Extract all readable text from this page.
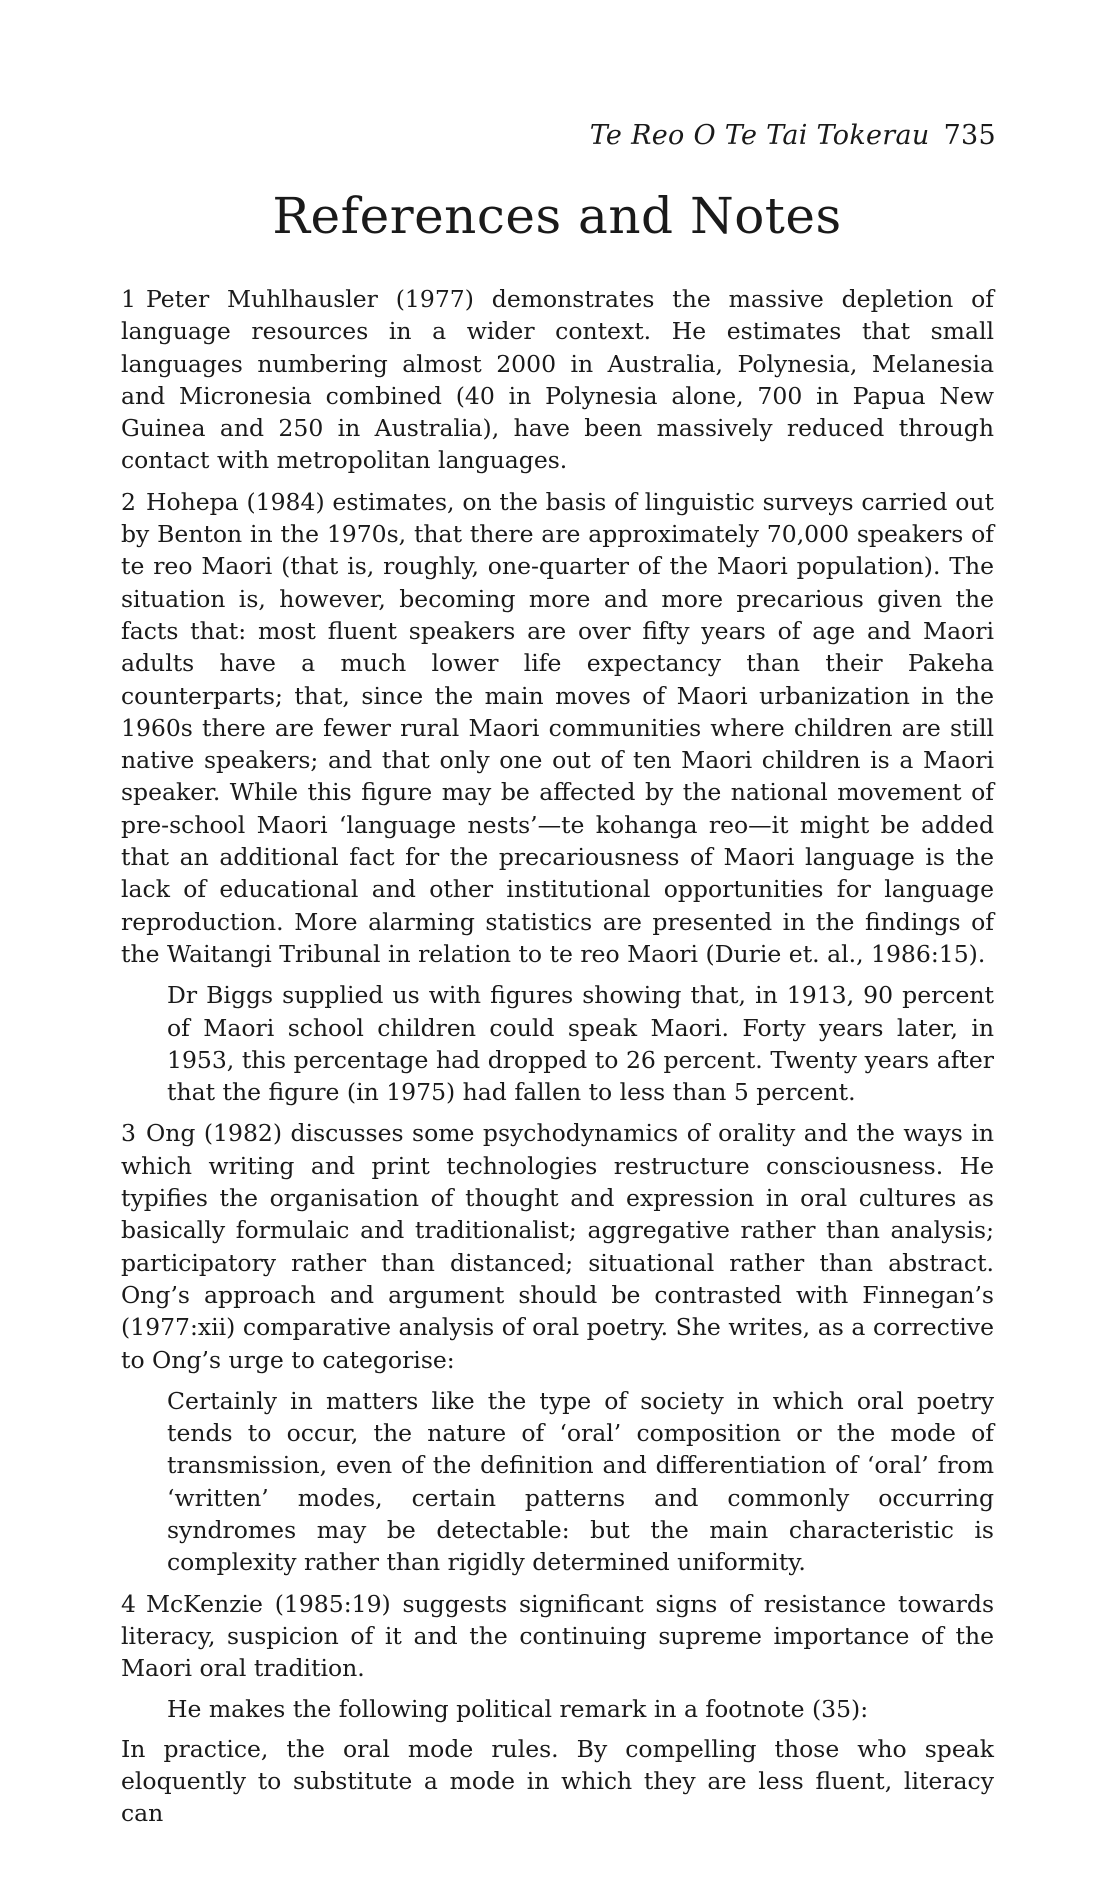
Te Reo O Te Tai Tokerau 735
References and Notes

1 Peter Muhlhausler (1977) demonstrates the massive depletion of language resources in a wider context. He estimates that small languages numbering almost 2000 in Australia, Polynesia, Melanesia and Micronesia combined (40 in Polynesia alone, 700 in Papua New Guinea and 250 in Australia), have been massively reduced through contact with metropolitan languages.

2 Hohepa (1984) estimates, on the basis of linguistic surveys carried out by Benton in the 1970s, that there are approximately 70,000 speakers of te reo Maori (that is, roughly, one-quarter of the Maori population). The situation is, however, becoming more and more precarious given the facts that: most fluent speakers are over fifty years of age and Maori adults have a much lower life expectancy than their Pakeha counterparts; that, since the main moves of Maori urbanization in the 1960s there are fewer rural Maori communities where children are still native speakers; and that only one out of ten Maori children is a Maori speaker. While this figure may be affected by the national movement of pre-school Maori ‘language nests’—te kohanga reo—it might be added that an additional fact for the precariousness of Maori language is the lack of educational and other institutional opportunities for language reproduction. More alarming statistics are presented in the findings of the Waitangi Tribunal in relation to te reo Maori (Durie et. al., 1986:15).

Dr Biggs supplied us with figures showing that, in 1913, 90 percent of Maori school children could speak Maori. Forty years later, in 1953, this percentage had dropped to 26 percent. Twenty years after that the figure (in 1975) had fallen to less than 5 percent.

3 Ong (1982) discusses some psychodynamics of orality and the ways in which writing and print technologies restructure consciousness. He typifies the organisation of thought and expression in oral cultures as basically formulaic and traditionalist; aggregative rather than analysis; participatory rather than distanced; situational rather than abstract. Ong’s approach and argument should be contrasted with Finnegan’s (1977:xii) comparative analysis of oral poetry. She writes, as a corrective to Ong’s urge to categorise:

Certainly in matters like the type of society in which oral poetry tends to occur, the nature of ‘oral’ composition or the mode of transmission, even of the definition and differentiation of ‘oral’ from ‘written’ modes, certain patterns and commonly occurring syndromes may be detectable: but the main characteristic is complexity rather than rigidly determined uniformity.

4 McKenzie (1985:19) suggests significant signs of resistance towards literacy, suspicion of it and the continuing supreme importance of the Maori oral tradition.

He makes the following political remark in a footnote (35):

In practice, the oral mode rules. By compelling those who speak eloquently to substitute a mode in which they are less fluent, literacy can
